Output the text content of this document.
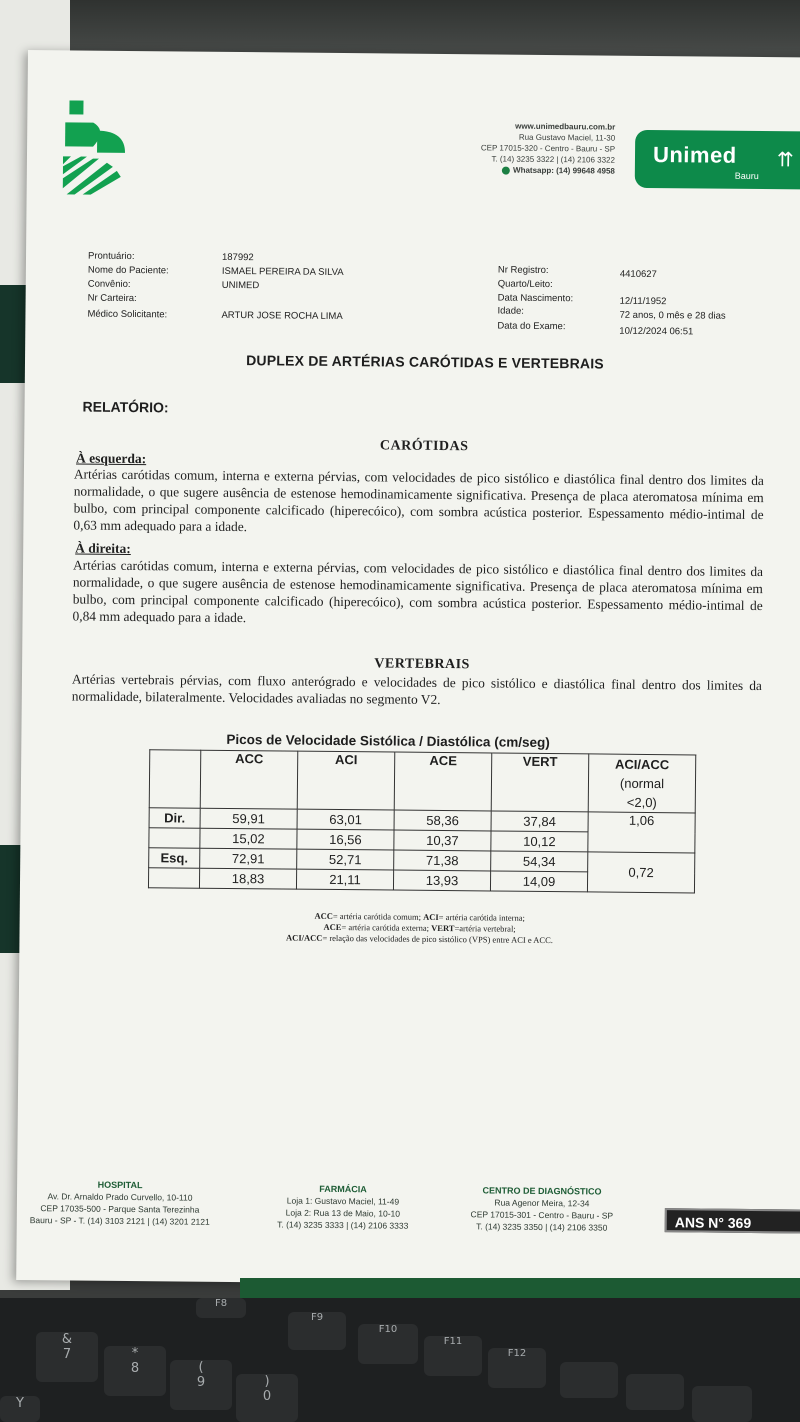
www.unimedbauru.com.br
Rua Gustavo Maciel, 11-30
CEP 17015-320 - Centro - Bauru - SP
T. (14) 3235 3322 | (14) 2106 3322
Whatsapp: (14) 99648 4958
Unimed ⇈
Bauru
Prontuário:	187992
Nome do Paciente:	ISMAEL PEREIRA DA SILVA
Convênio:	UNIMED
Nr Carteira:
Médico Solicitante:	ARTUR JOSE ROCHA LIMA
Nr Registro:	4410627
Quarto/Leito:
Data Nascimento:	12/11/1952
Idade:	72 anos, 0 mês e 28 dias
Data do Exame:	10/12/2024 06:51
DUPLEX DE ARTÉRIAS CARÓTIDAS E VERTEBRAIS
RELATÓRIO:
CARÓTIDAS
À esquerda:
Artérias carótidas comum, interna e externa pérvias, com velocidades de pico sistólico e diastólica final dentro dos limites da normalidade, o que sugere ausência de estenose hemodinamicamente significativa. Presença de placa ateromatosa mínima em bulbo, com principal componente calcificado (hiperecóico), com sombra acústica posterior. Espessamento médio-intimal de 0,63 mm adequado para a idade.
À direita:
Artérias carótidas comum, interna e externa pérvias, com velocidades de pico sistólico e diastólica final dentro dos limites da normalidade, o que sugere ausência de estenose hemodinamicamente significativa. Presença de placa ateromatosa mínima em bulbo, com principal componente calcificado (hiperecóico), com sombra acústica posterior. Espessamento médio-intimal de 0,84 mm adequado para a idade.
VERTEBRAIS
Artérias vertebrais pérvias, com fluxo anterógrado e velocidades de pico sistólico e diastólica final dentro dos limites da normalidade, bilateralmente. Velocidades avaliadas no segmento V2.
Picos de Velocidade Sistólica / Diastólica (cm/seg)
	ACC	ACI	ACE	VERT	ACI/ACC
(normal
<2,0)
Dir.	59,91	63,01	58,36	37,84	1,06
	15,02	16,56	10,37	10,12	
Esq.	72,91	52,71	71,38	54,34	0,72
	18,83	21,11	13,93	14,09	
ACC= artéria carótida comum; ACI= artéria carótida interna;
ACE= artéria carótida externa; VERT=artéria vertebral;
ACI/ACC= relação das velocidades de pico sistólico (VPS) entre ACI e ACC.
HOSPITAL
Av. Dr. Arnaldo Prado Curvello, 10-110
CEP 17035-500 - Parque Santa Terezinha
Bauru - SP - T. (14) 3103 2121 | (14) 3201 2121
FARMÁCIA
Loja 1: Gustavo Maciel, 11-49
Loja 2: Rua 13 de Maio, 10-10
T. (14) 3235 3333 | (14) 2106 3333
CENTRO DE DIAGNÓSTICO
Rua Agenor Meira, 12-34
CEP 17015-301 - Centro - Bauru - SP
T. (14) 3235 3350 | (14) 2106 3350	ANS N° 369
F8
F9
F10
F11
F12
&
7	*
8	(
9	)
0
Y
